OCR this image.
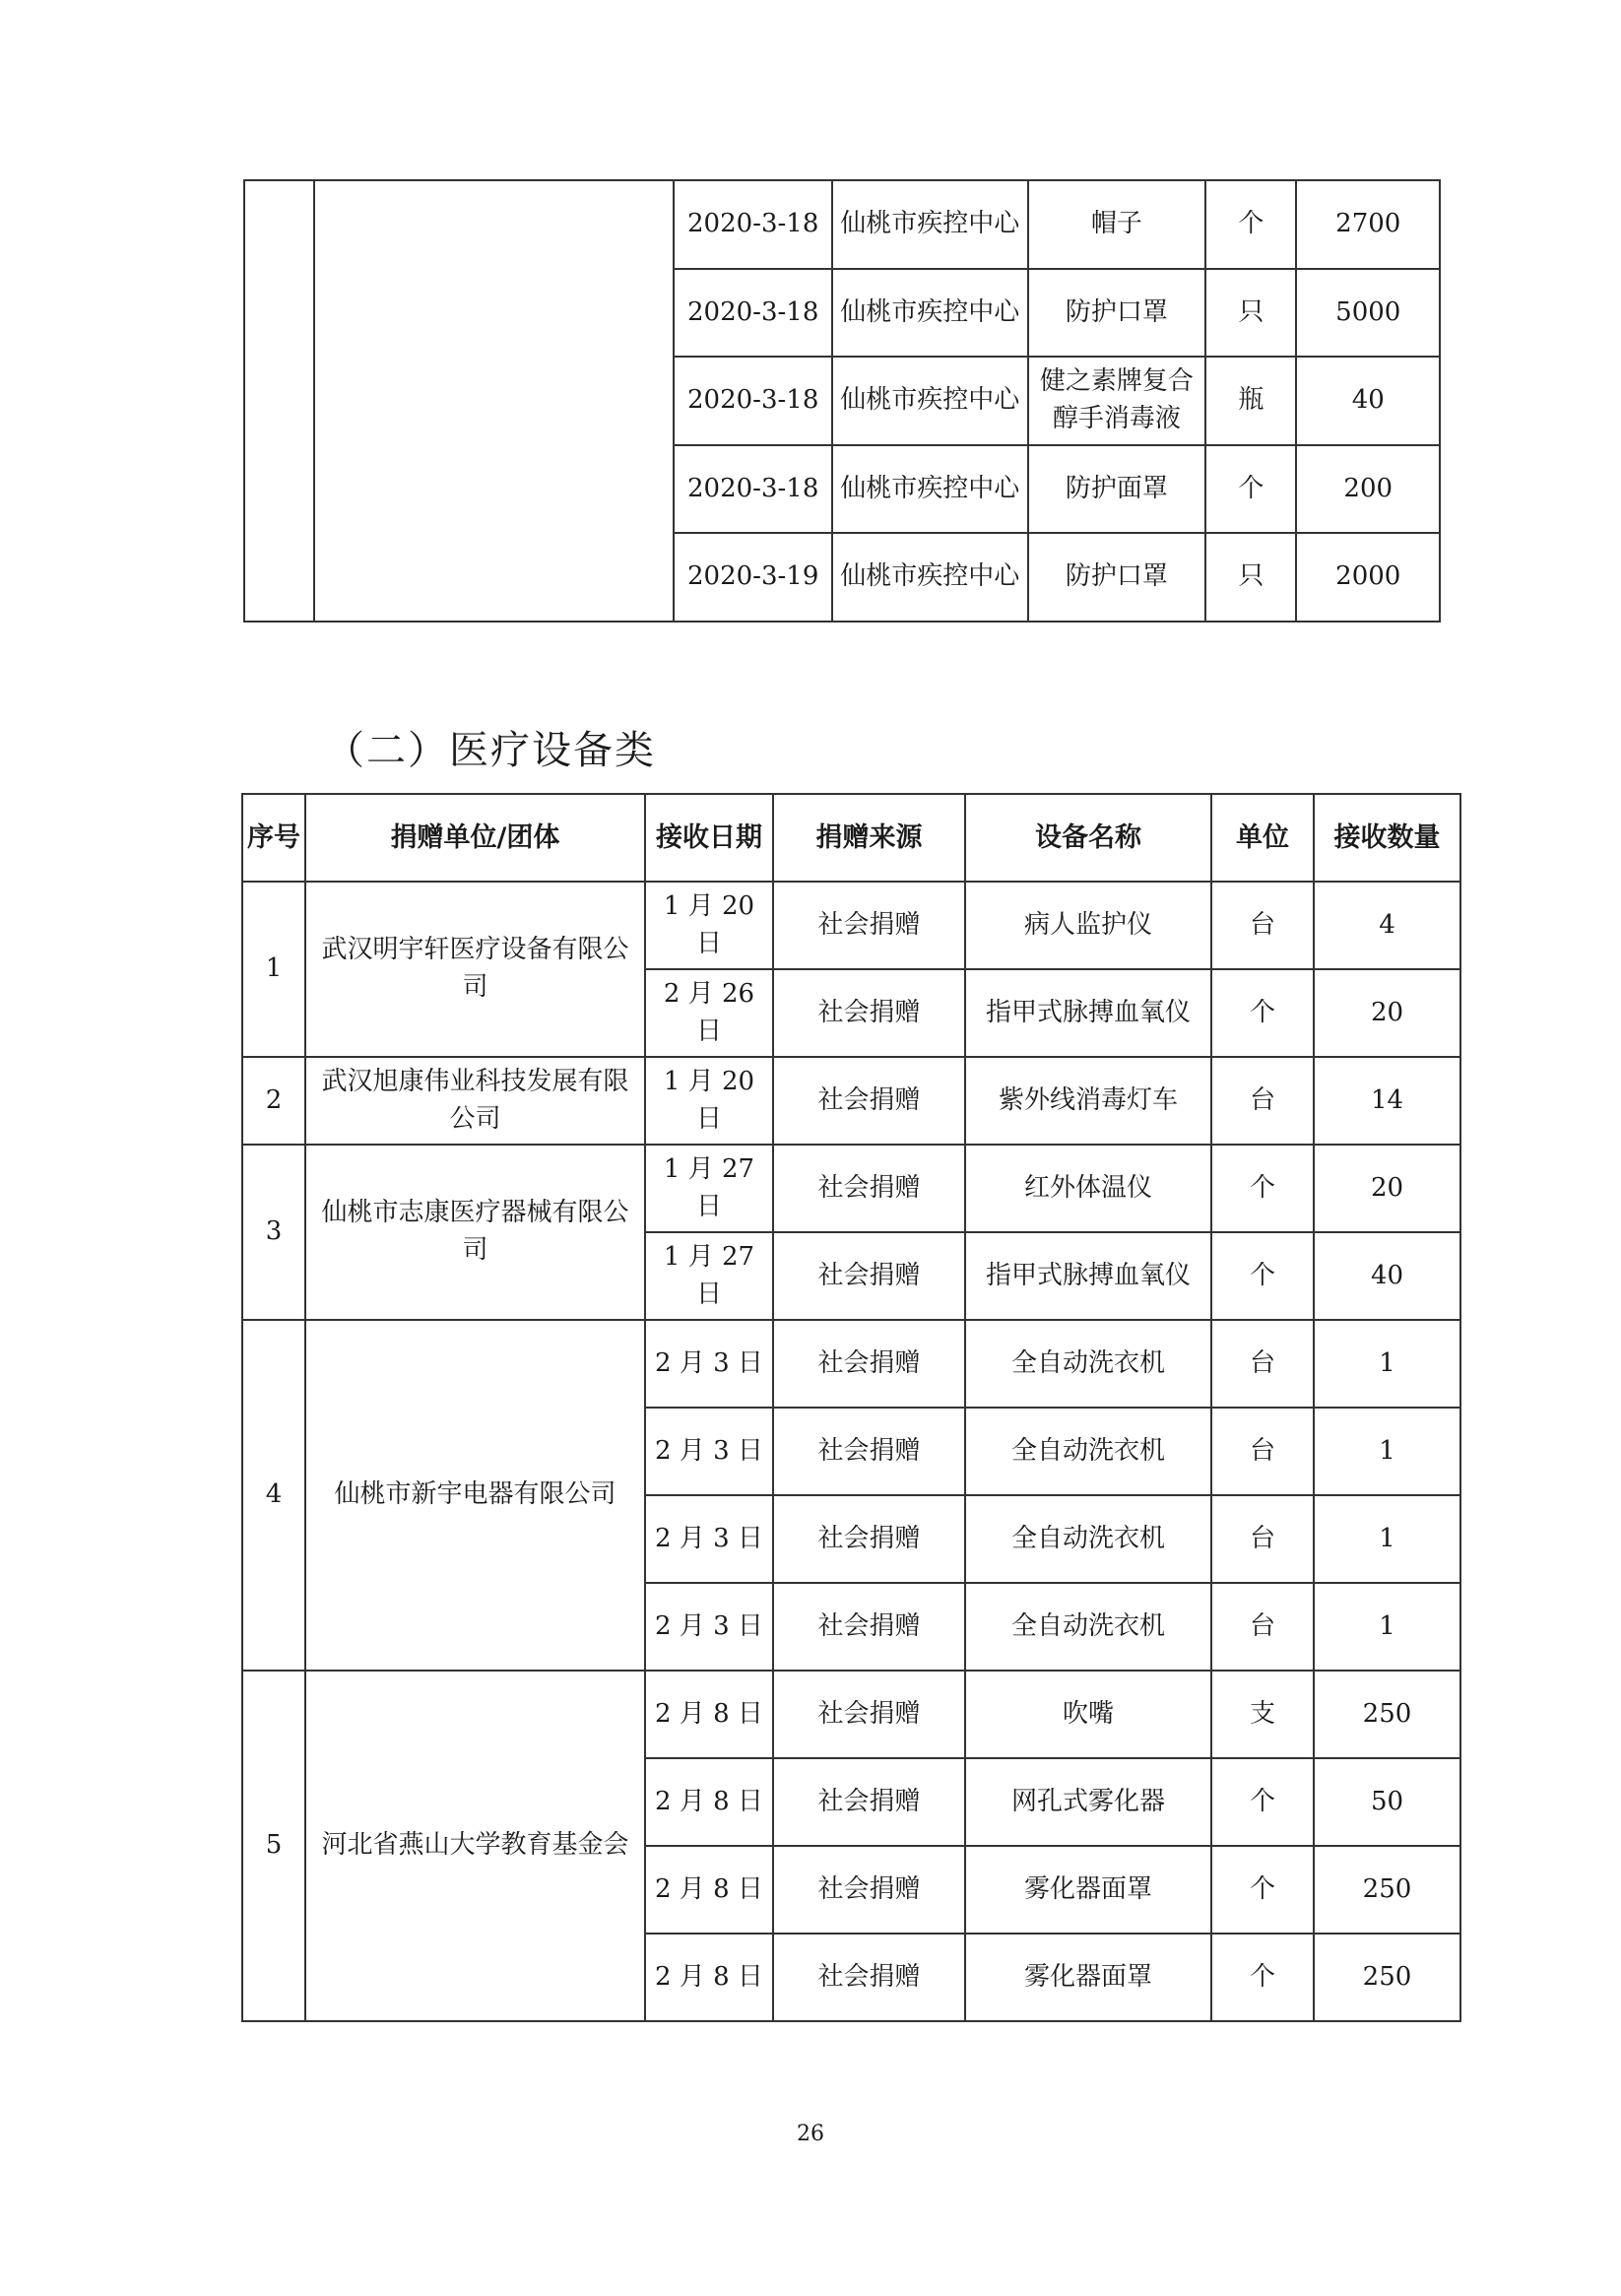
		2020-3-18	仙桃市疾控中心	帽子	个	2700
		2020-3-18	仙桃市疾控中心	防护口罩	只	5000
		2020-3-18	仙桃市疾控中心	健之素牌复合醇手消毒液	瓶	40
		2020-3-18	仙桃市疾控中心	防护面罩	个	200
		2020-3-19	仙桃市疾控中心	防护口罩	只	2000
（二）医疗设备类
序号	捐赠单位/团体	接收日期	捐赠来源	设备名称	单位	接收数量
1	武汉明宇轩医疗设备有限公司	1 月 20 日	社会捐赠	病人监护仪	台	4
		2 月 26 日	社会捐赠	指甲式脉搏血氧仪	个	20
2	武汉旭康伟业科技发展有限公司	1 月 20 日	社会捐赠	紫外线消毒灯车	台	14
3	仙桃市志康医疗器械有限公司	1 月 27 日	社会捐赠	红外体温仪	个	20
		1 月 27 日	社会捐赠	指甲式脉搏血氧仪	个	40
4	仙桃市新宇电器有限公司	2 月 3 日	社会捐赠	全自动洗衣机	台	1
		2 月 3 日	社会捐赠	全自动洗衣机	台	1
		2 月 3 日	社会捐赠	全自动洗衣机	台	1
		2 月 3 日	社会捐赠	全自动洗衣机	台	1
5	河北省燕山大学教育基金会	2 月 8 日	社会捐赠	吹嘴	支	250
		2 月 8 日	社会捐赠	网孔式雾化器	个	50
		2 月 8 日	社会捐赠	雾化器面罩	个	250
		2 月 8 日	社会捐赠	雾化器面罩	个	250
26
